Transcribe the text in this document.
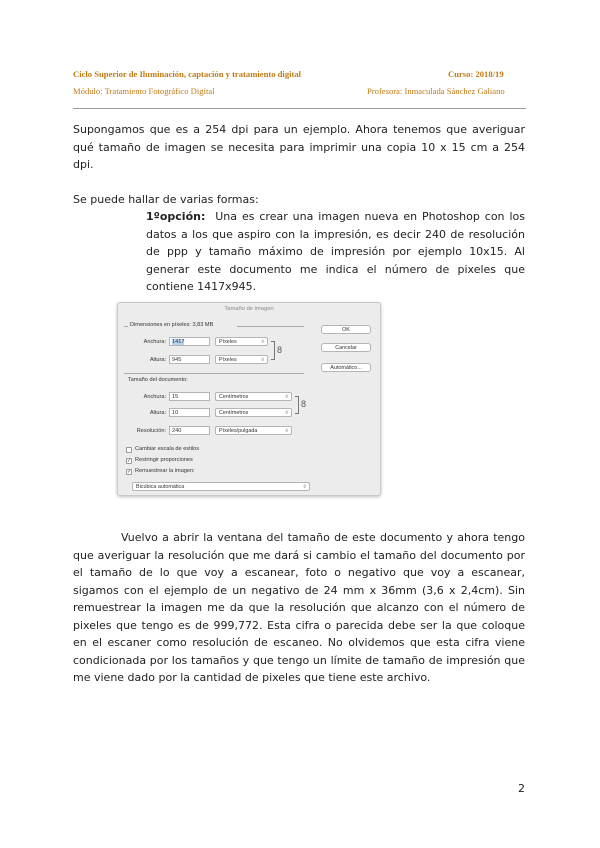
Ciclo Superior de Iluminación, captación y tratamiento digital	Curso: 2018/19
Módulo: Tratamiento Fotográfico Digital	Profesora: Inmaculada Sánchez Galiano

Supongamos que es a 254 dpi para un ejemplo. Ahora tenemos que averiguar qué tamaño de imagen se necesita para imprimir una copia 10 x 15 cm a 254 dpi.

Se puede hallar de varias formas:

1ºopción: Una es crear una imagen nueva en Photoshop con los datos a los que aspiro con la impresión, es decir 240 de resolución de ppp y tamaño máximo de impresión por ejemplo 10x15. Al generar este documento me indica el número de pixeles que contiene 1417x945.

Tamaño de imagen
Dimensiones en píxeles: 3,83 MB
Anchura:	1417	Píxeles	◊
Altura:	945	Píxeles	◊
8
Tamaño del documento:
Anchura:	15	Centímetros	◊
Altura:	10	Centímetros	◊
8
Resolución:	240	Píxeles/pulgada	◊
Cambiar escala de estilos
✓ Restringir proporciones
✓ Remuestrear la imagen:
Bicúbica automática	◊
OK
Cancelar
Automático...

Vuelvo a abrir la ventana del tamaño de este documento y ahora tengo que averiguar la resolución que me dará si cambio el tamaño del documento por el tamaño de lo que voy a escanear, foto o negativo que voy a escanear, sigamos con el ejemplo de un negativo de 24 mm x 36mm (3,6 x 2,4cm). Sin remuestrear la imagen me da que la resolución que alcanzo con el número de pixeles que tengo es de 999,772. Esta cifra o parecida debe ser la que coloque en el escaner como resolución de escaneo. No olvidemos que esta cifra viene condicionada por los tamaños y que tengo un límite de tamaño de impresión que me viene dado por la cantidad de pixeles que tiene este archivo.

2
